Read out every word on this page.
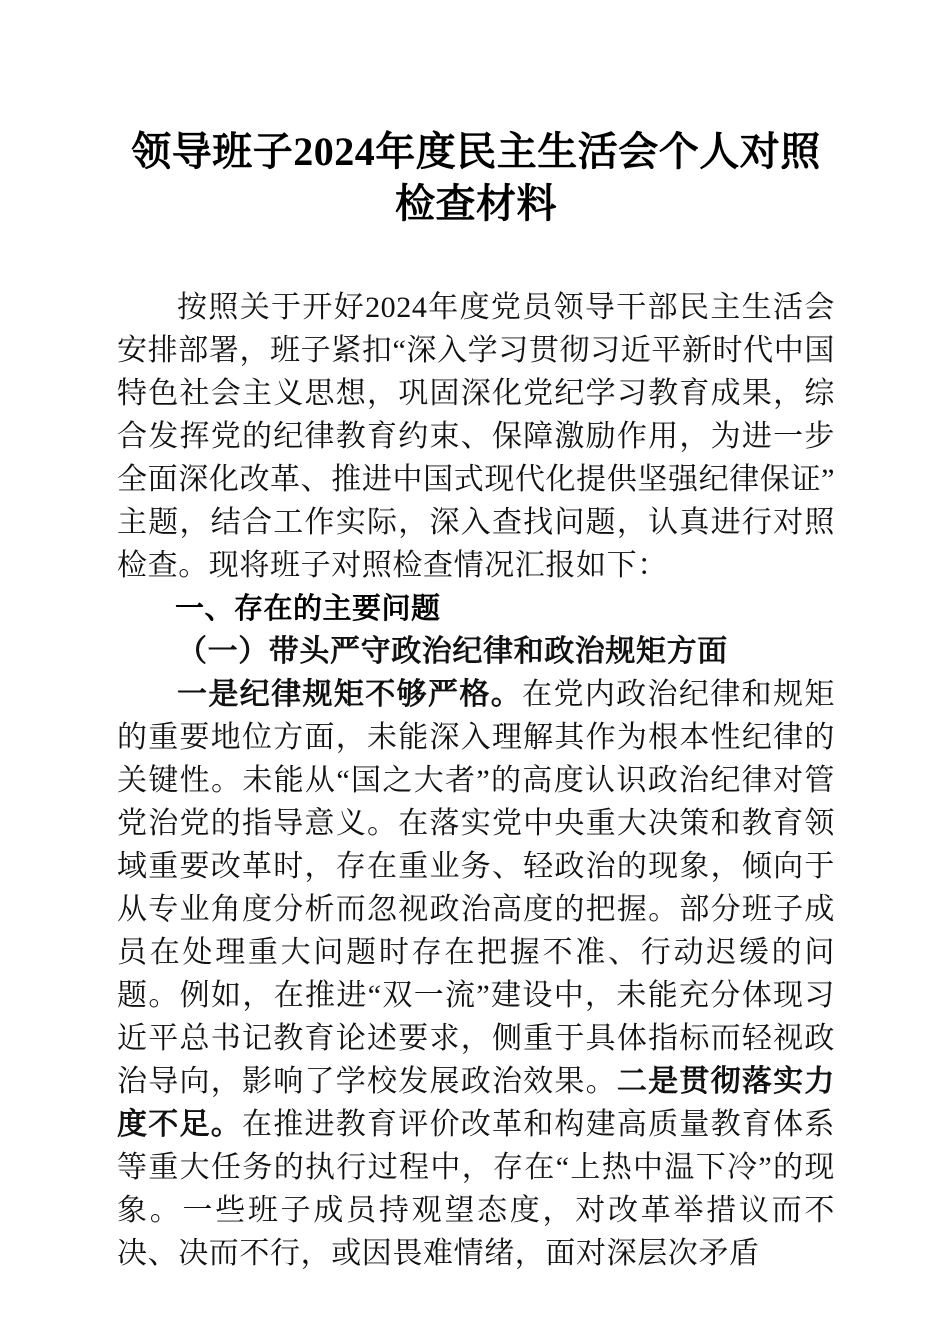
领导班子2024年度民主生活会个人对照检查材料

按照关于开好2024年度党员领导干部民主生活会安排部署，班子紧扣“深入学习贯彻习近平新时代中国特色社会主义思想，巩固深化党纪学习教育成果，综合发挥党的纪律教育约束、保障激励作用，为进一步全面深化改革、推进中国式现代化提供坚强纪律保证”主题，结合工作实际，深入查找问题，认真进行对照检查。现将班子对照检查情况汇报如下：

一、存在的主要问题
（一）带头严守政治纪律和政治规矩方面

一是纪律规矩不够严格。在党内政治纪律和规矩的重要地位方面，未能深入理解其作为根本性纪律的关键性。未能从“国之大者”的高度认识政治纪律对管党治党的指导意义。在落实党中央重大决策和教育领域重要改革时，存在重业务、轻政治的现象，倾向于从专业角度分析而忽视政治高度的把握。部分班子成员在处理重大问题时存在把握不准、行动迟缓的问题。例如，在推进“双一流”建设中，未能充分体现习近平总书记教育论述要求，侧重于具体指标而轻视政治导向，影响了学校发展政治效果。二是贯彻落实力度不足。在推进教育评价改革和构建高质量教育体系等重大任务的执行过程中，存在“上热中温下冷”的现象。一些班子成员持观望态度，对改革举措议而不决、决而不行，或因畏难情绪，面对深层次矛盾
